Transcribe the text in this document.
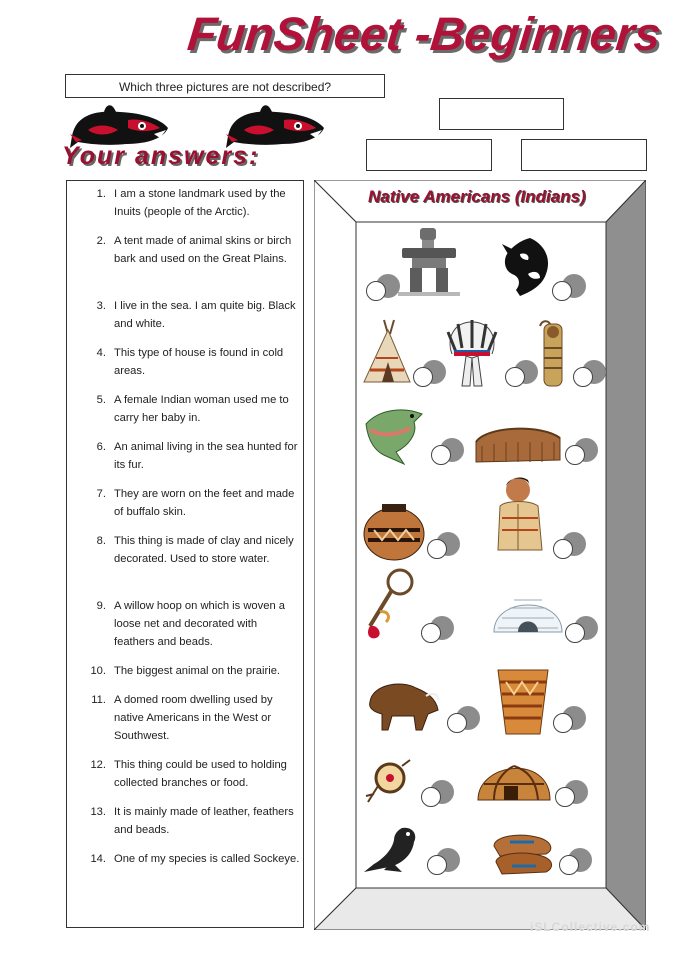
FunSheet -Beginners
Which three pictures are not described?
Your answers:
1. I am a stone landmark used by the Inuits (people of the Arctic).
2. A tent made of animal skins or birch bark and used on the Great Plains.
3. I live in the sea. I am quite big. Black and white.
4. This type of house is found in cold areas.
5. A female Indian woman used me to carry her baby in.
6. An animal living in the sea hunted for its fur.
7. They are worn on the feet and made of buffalo skin.
8. This thing is made of clay and nicely decorated. Used to store water.
9. A willow hoop on which is woven a loose net and decorated with feathers and beads.
10. The biggest animal on the prairie.
11. A domed room dwelling used by native Americans in the West or Southwest.
12. This thing could be used to holding collected branches or food.
13. It is mainly made of leather, feathers and beads.
14. One of my species is called Sockeye.
Native Americans (Indians)
iSLCollective.com
